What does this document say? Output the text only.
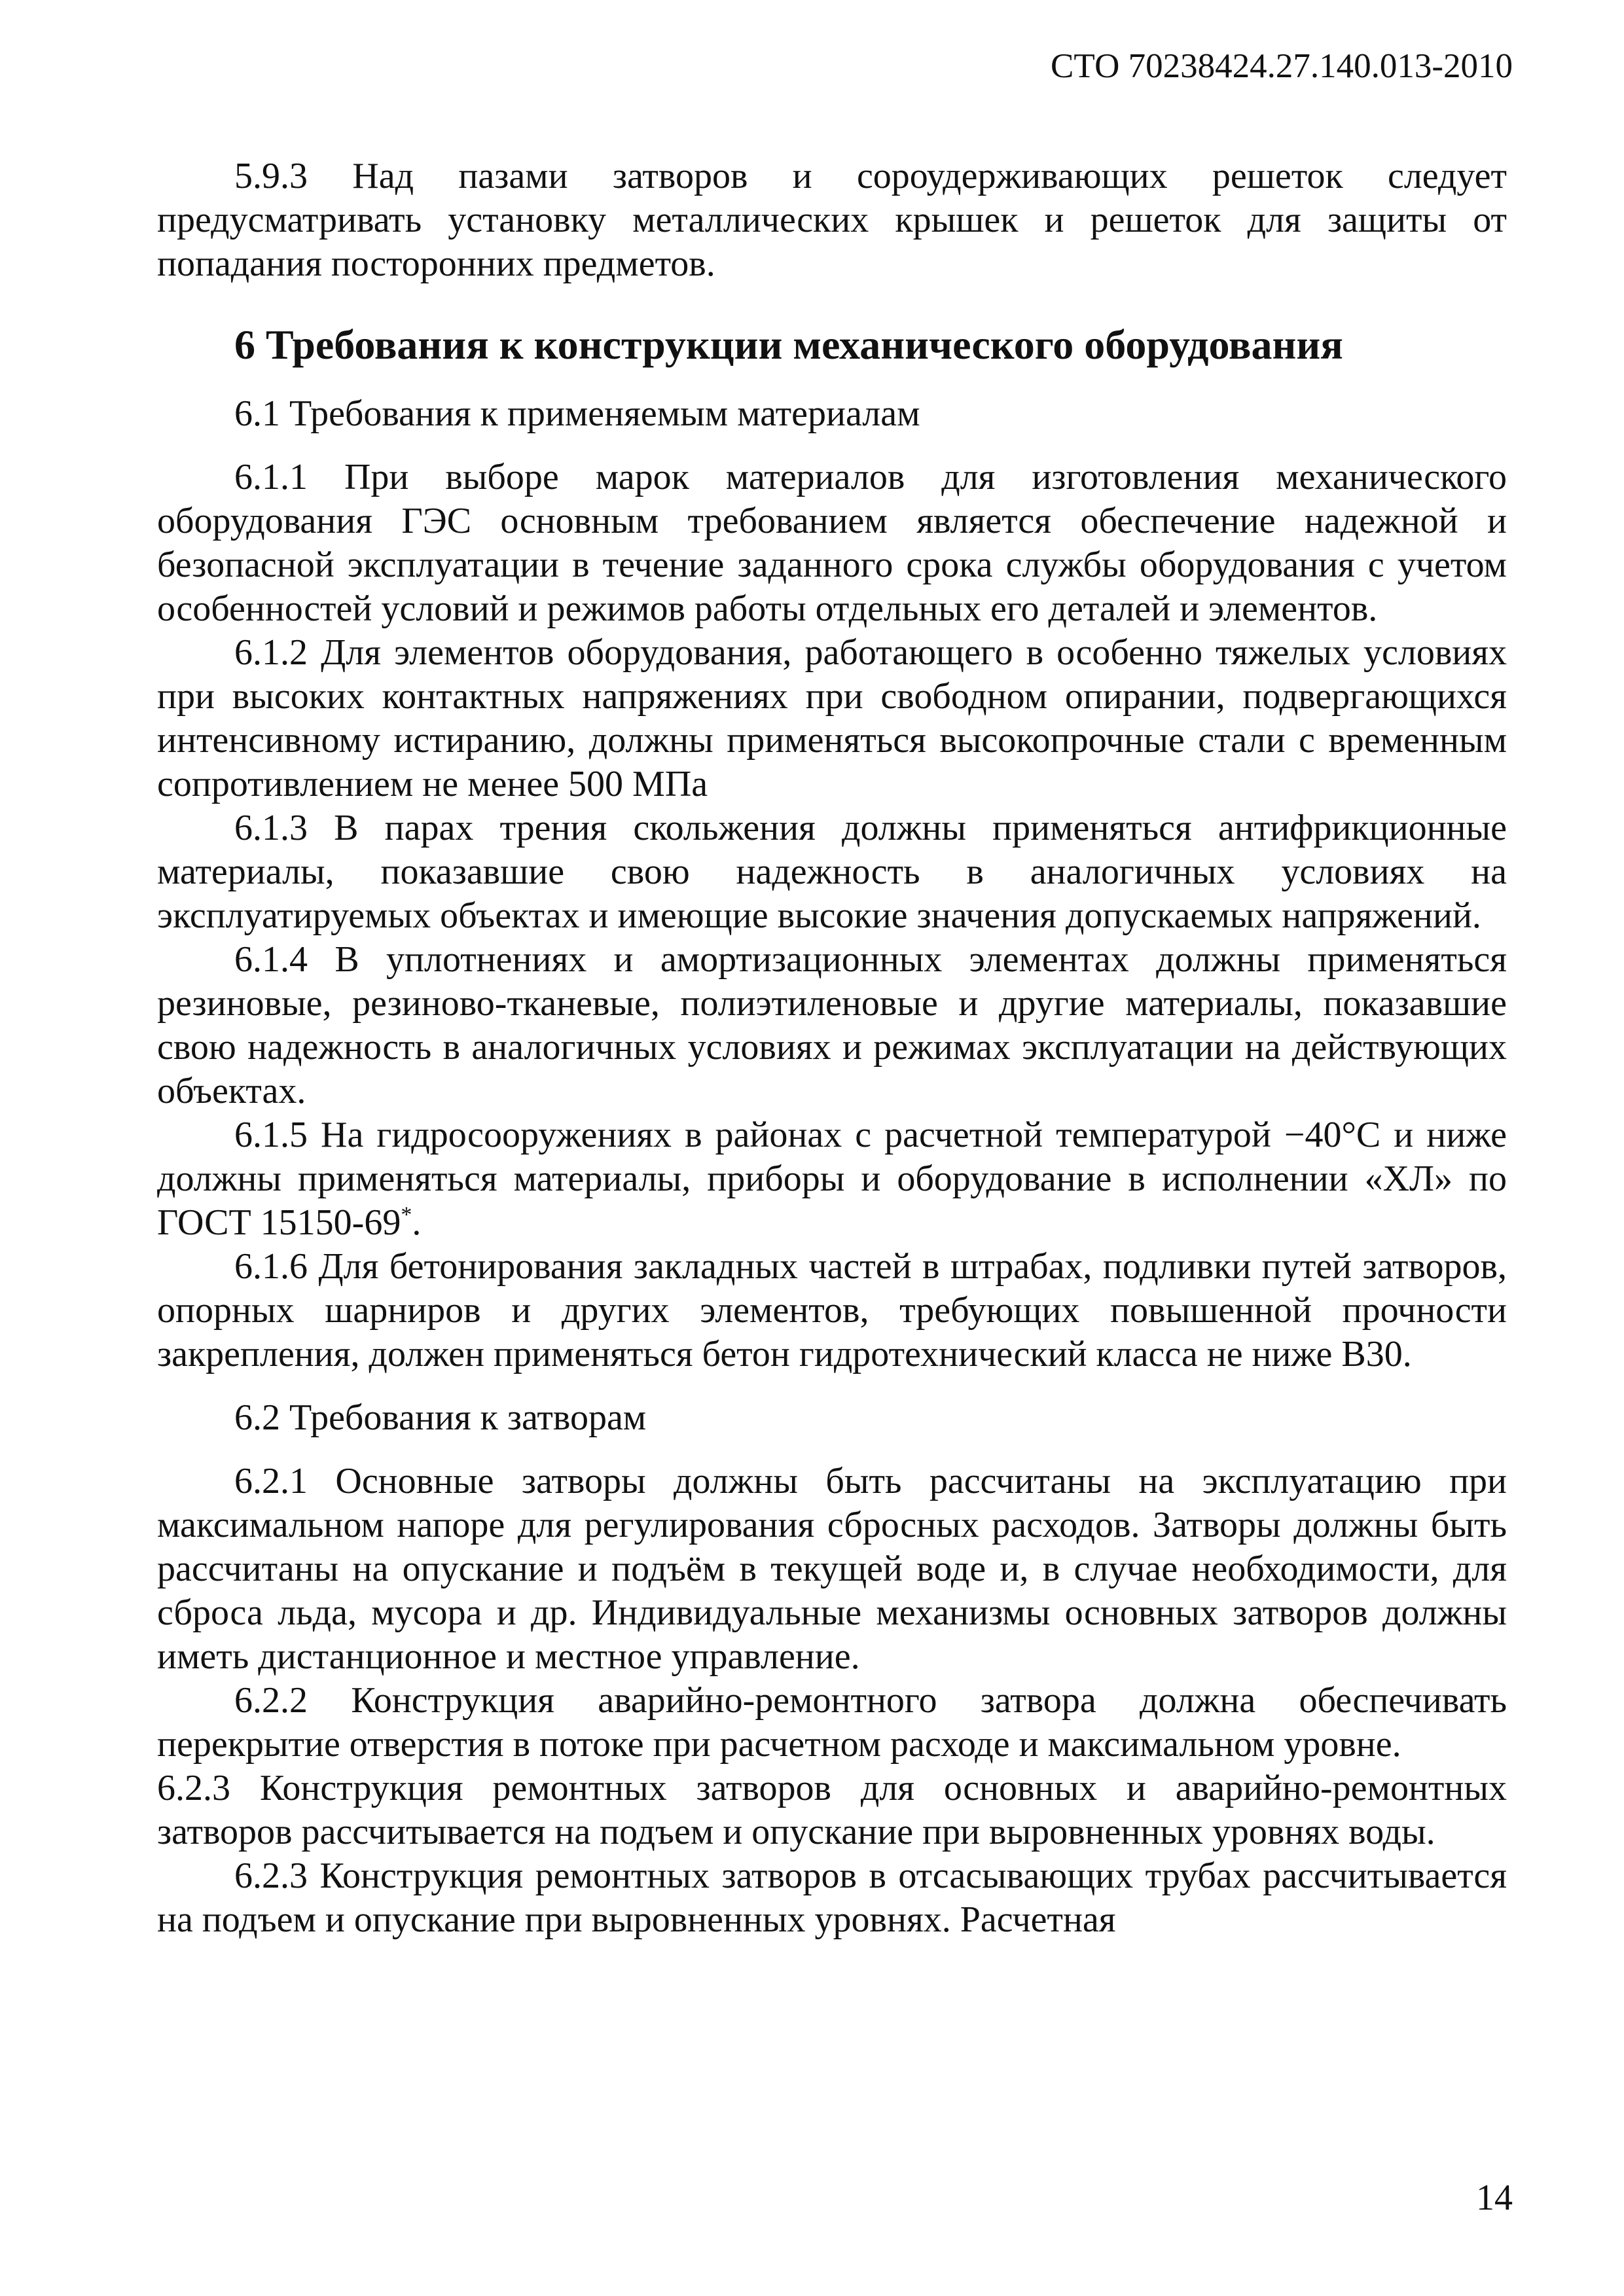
СТО 70238424.27.140.013-2010

5.9.3 Над пазами затворов и сороудерживающих решеток следует предусматривать установку металлических крышек и решеток для защиты от попадания посторонних предметов.

6 Требования к конструкции механического оборудования

6.1 Требования к применяемым материалам

6.1.1 При выборе марок материалов для изготовления механического оборудования ГЭС основным требованием является обеспечение надежной и безопасной эксплуатации в течение заданного срока службы оборудования с учетом особенностей условий и режимов работы отдельных его деталей и элементов.

6.1.2 Для элементов оборудования, работающего в особенно тяжелых условиях при высоких контактных напряжениях при свободном опирании, подвергающихся интенсивному истиранию, должны применяться высокопрочные стали с временным сопротивлением не менее 500 МПа

6.1.3 В парах трения скольжения должны применяться антифрикционные материалы, показавшие свою надежность в аналогичных условиях на эксплуатируемых объектах и имеющие высокие значения допускаемых напряжений.

6.1.4 В уплотнениях и амортизационных элементах должны применяться резиновые, резиново-тканевые, полиэтиленовые и другие материалы, показавшие свою надежность в аналогичных условиях и режимах эксплуатации на действующих объектах.

6.1.5 На гидросооружениях в районах с расчетной температурой −40°С и ниже должны применяться материалы, приборы и оборудование в исполнении «ХЛ» по ГОСТ 15150-69*.

6.1.6 Для бетонирования закладных частей в штрабах, подливки путей затворов, опорных шарниров и других элементов, требующих повышенной прочности закрепления, должен применяться бетон гидротехнический класса не ниже В30.

6.2 Требования к затворам

6.2.1 Основные затворы должны быть рассчитаны на эксплуатацию при максимальном напоре для регулирования сбросных расходов. Затворы должны быть рассчитаны на опускание и подъём в текущей воде и, в случае необходимости, для сброса льда, мусора и др. Индивидуальные механизмы основных затворов должны иметь дистанционное и местное управление.

6.2.2 Конструкция аварийно-ремонтного затвора должна обеспечивать перекрытие отверстия в потоке при расчетном расходе и максимальном уровне.

6.2.3 Конструкция ремонтных затворов для основных и аварийно-ремонтных затворов рассчитывается на подъем и опускание при выровненных уровнях воды.

6.2.3 Конструкция ремонтных затворов в отсасывающих трубах рассчитывается на подъем и опускание при выровненных уровнях. Расчетная

14
